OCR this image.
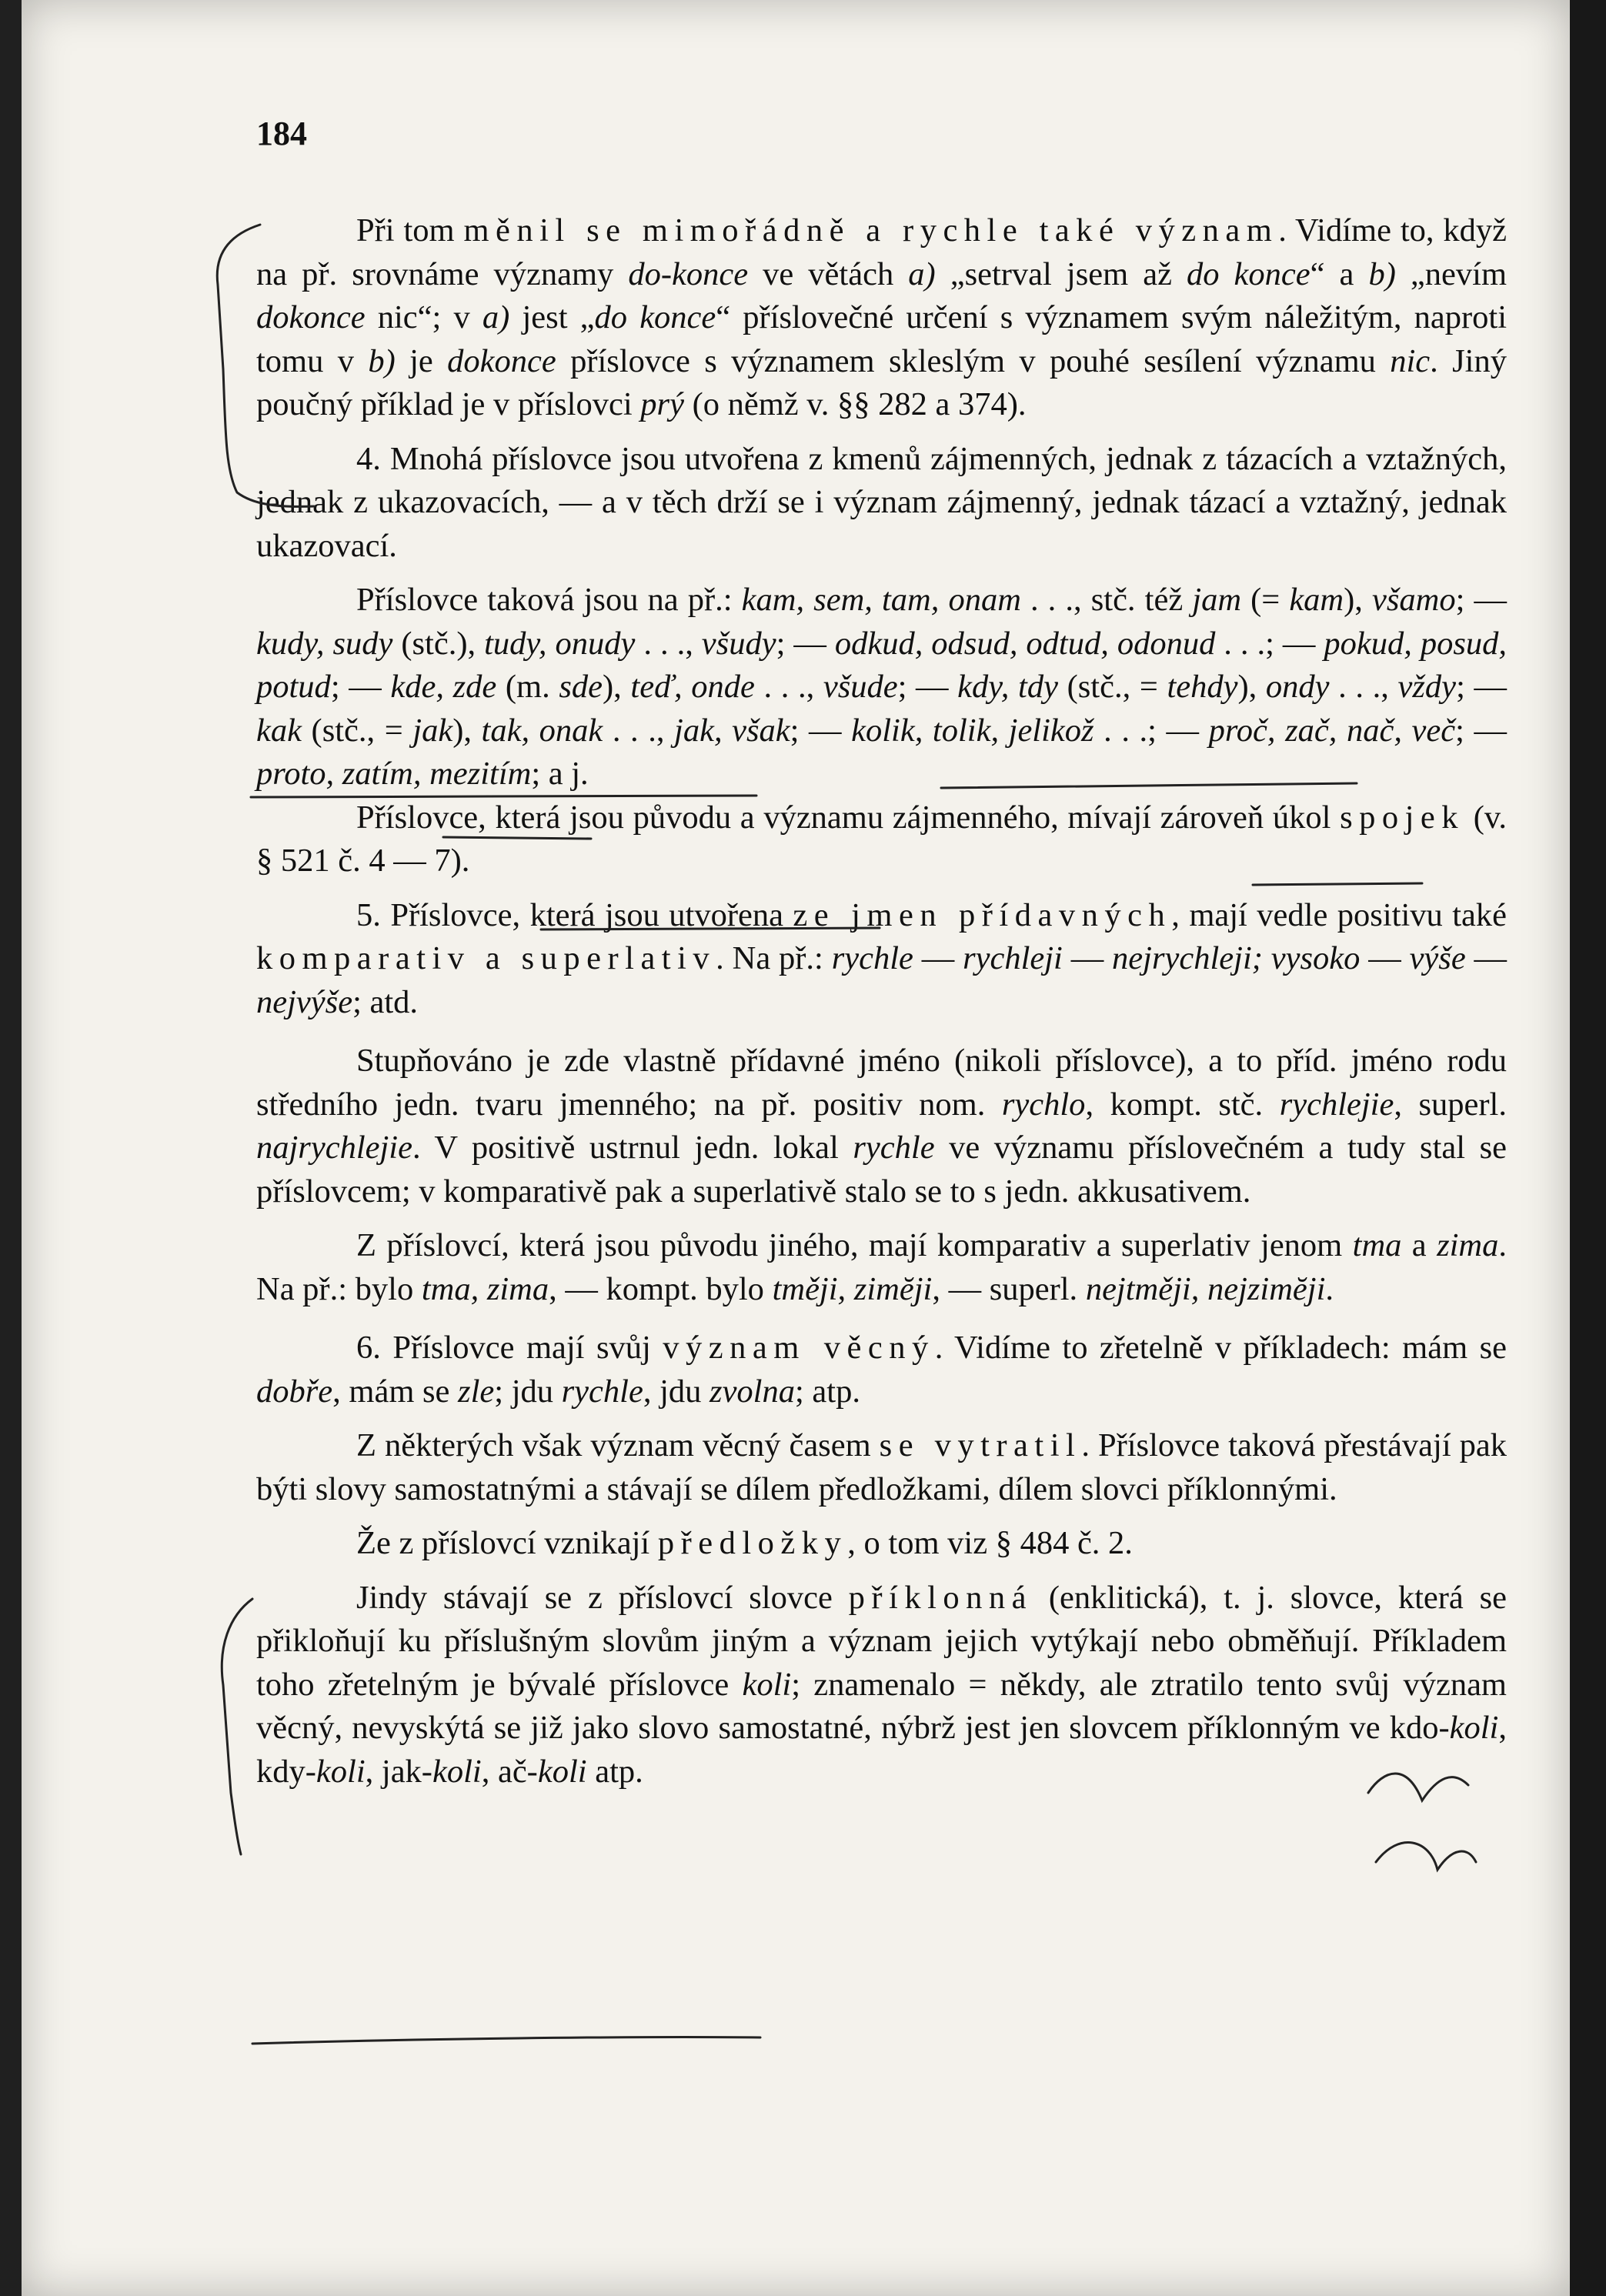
184

Při tom měnil se mimořádně a rychle také význam. Vidíme to, když na př. srovnáme významy do-konce ve větách a) „setrval jsem až do konce“ a b) „nevím dokonce nic“; v a) jest „do konce“ příslovečné určení s významem svým náležitým, naproti tomu v b) je dokonce příslovce s významem skleslým v pouhé sesílení významu nic. Jiný poučný příklad je v příslovci prý (o němž v. §§ 282 a 374).

4. Mnohá příslovce jsou utvořena z kmenů zájmenných, jednak z tázacích a vztažných, jednak z ukazovacích, — a v těch drží se i význam zájmenný, jednak tázací a vztažný, jednak ukazovací.

Příslovce taková jsou na př.: kam, sem, tam, onam . . ., stč. též jam (= kam), všamo; — kudy, sudy (stč.), tudy, onudy . . ., všudy; — odkud, odsud, odtud, odonud . . .; — pokud, posud, potud; — kde, zde (m. sde), teď, onde . . ., všude; — kdy, tdy (stč., = tehdy), ondy . . ., vždy; — kak (stč., = jak), tak, onak . . ., jak, však; — kolik, tolik, jelikož . . .; — proč, zač, nač, več; — proto, zatím, mezitím; a j.

Příslovce, která jsou původu a významu zájmenného, mívají zároveň úkol spojek (v. § 521 č. 4 — 7).

5. Příslovce, která jsou utvořena ze jmen přídavných, mají vedle positivu také komparativ a superlativ. Na př.: rychle — rychleji — nejrychleji; vysoko — výše — nejvýše; atd.

Stupňováno je zde vlastně přídavné jméno (nikoli příslovce), a to příd. jméno rodu středního jedn. tvaru jmenného; na př. positiv nom. rychlo, kompt. stč. rychlejie, superl. najrychlejie. V positivě ustrnul jedn. lokal rychle ve významu příslovečném a tudy stal se příslovcem; v komparativě pak a superlativě stalo se to s jedn. akkusativem.

Z příslovcí, která jsou původu jiného, mají komparativ a superlativ jenom tma a zima. Na př.: bylo tma, zima, — kompt. bylo tměji, zimĕji, — superl. nejtměji, nejzimĕji.

6. Příslovce mají svůj význam věcný. Vidíme to zřetelně v příkladech: mám se dobře, mám se zle; jdu rychle, jdu zvolna; atp.

Z některých však význam věcný časem se vytratil. Příslovce taková přestávají pak býti slovy samostatnými a stávají se dílem předložkami, dílem slovci příklonnými.

Že z příslovcí vznikají předložky, o tom viz § 484 č. 2.

Jindy stávají se z příslovcí slovce příklonná (enklitická), t. j. slovce, která se přikloňují ku příslušným slovům jiným a význam jejich vytýkají nebo obměňují. Příkladem toho zřetelným je bývalé příslovce koli; znamenalo = někdy, ale ztratilo tento svůj význam věcný, nevyskýtá se již jako slovo samostatné, nýbrž jest jen slovcem příklonným ve kdo-koli, kdy-koli, jak-koli, ač-koli atp.
